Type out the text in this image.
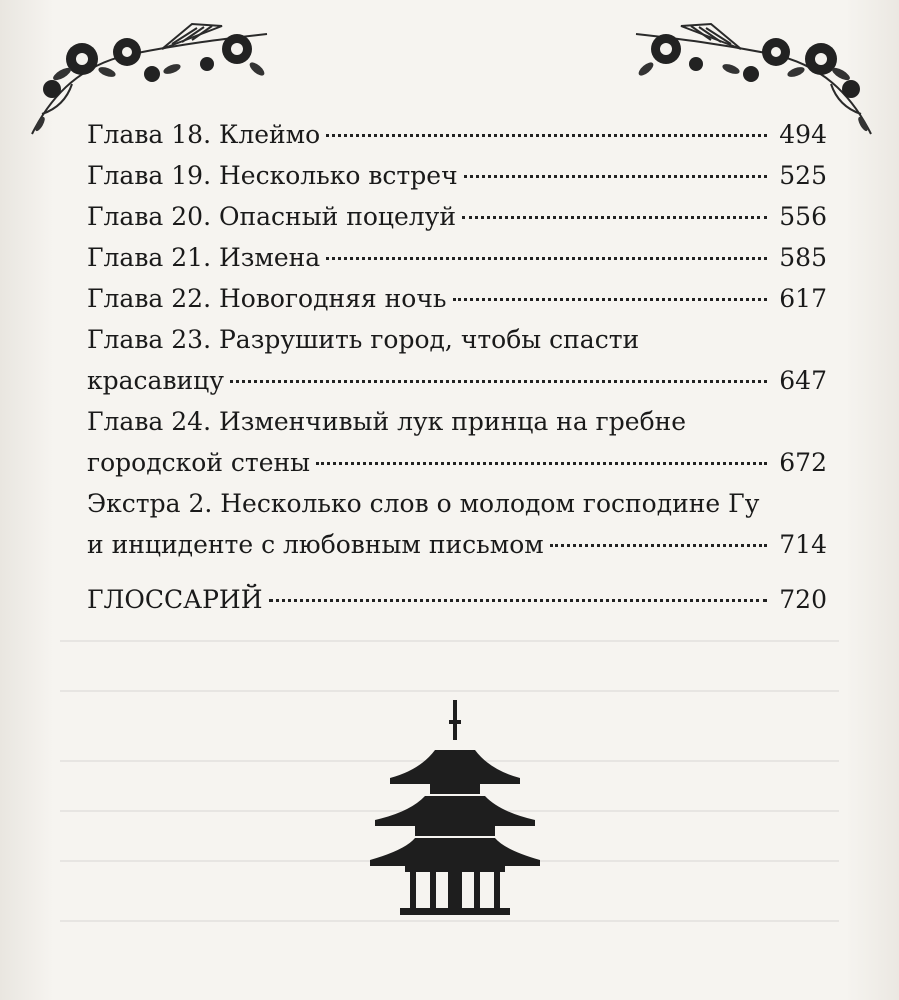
Глава 18. Клеймо	494
Глава 19. Несколько встреч	525
Глава 20. Опасный поцелуй	556
Глава 21. Измена	585
Глава 22. Новогодняя ночь	617
Глава 23. Разрушить город, чтобы спасти
красавицу	647
Глава 24. Изменчивый лук принца на гребне
городской стены	672
Экстра 2. Несколько слов о молодом господине Гу
и инциденте с любовным письмом	714
ГЛОССАРИЙ	720
